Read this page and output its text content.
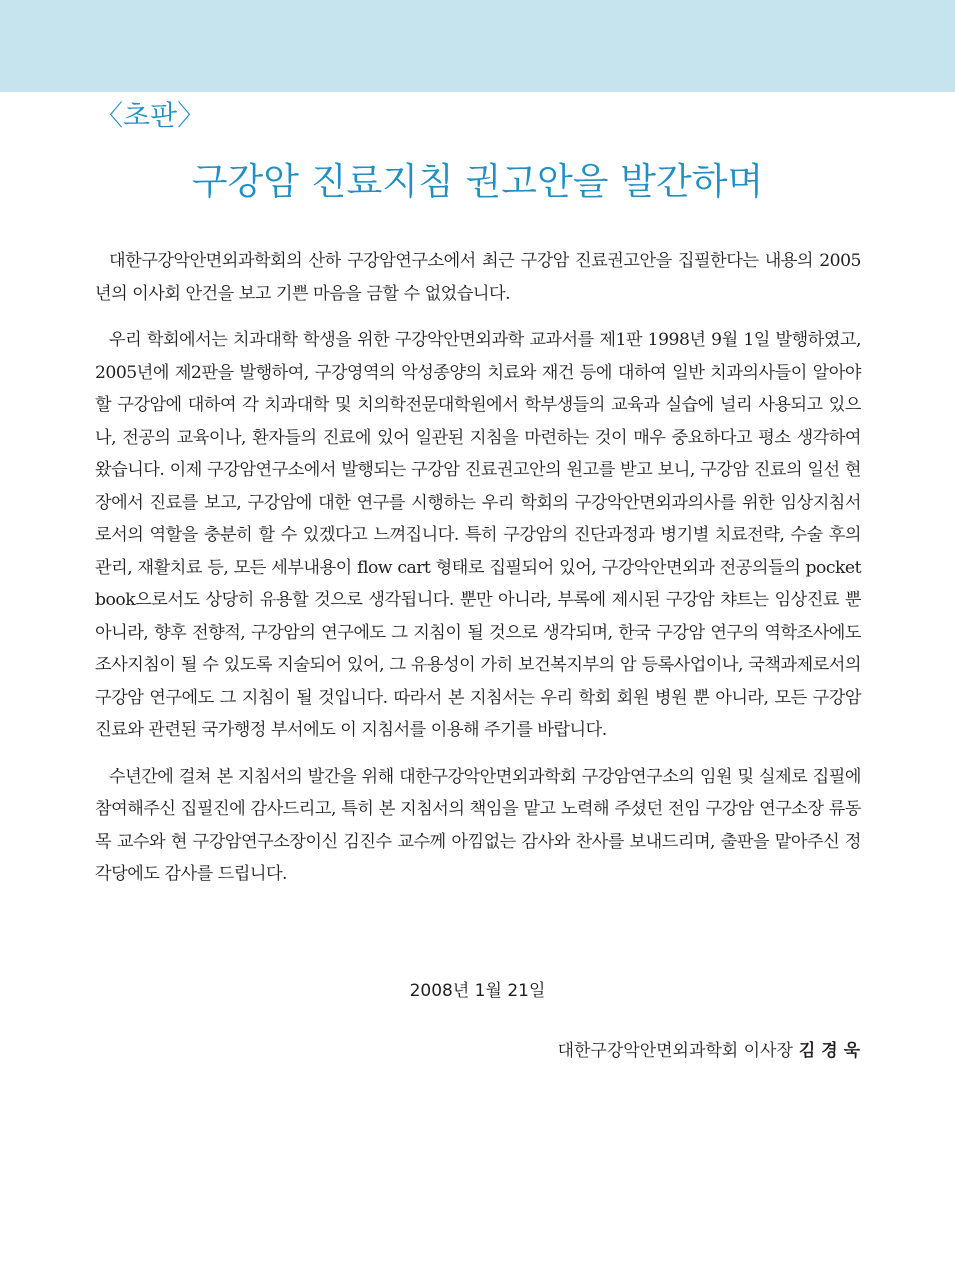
〈초판〉
구강암 진료지침 권고안을 발간하며

대한구강악안면외과학회의 산하 구강암연구소에서 최근 구강암 진료권고안을 집필한다는 내용의 2005년의 이사회 안건을 보고 기쁜 마음을 금할 수 없었습니다.

우리 학회에서는 치과대학 학생을 위한 구강악안면외과학 교과서를 제1판 1998년 9월 1일 발행하였고, 2005년에 제2판을 발행하여, 구강영역의 악성종양의 치료와 재건 등에 대하여 일반 치과의사들이 알아야 할 구강암에 대하여 각 치과대학 및 치의학전문대학원에서 학부생들의 교육과 실습에 널리 사용되고 있으나, 전공의 교육이나, 환자들의 진료에 있어 일관된 지침을 마련하는 것이 매우 중요하다고 평소 생각하여 왔습니다. 이제 구강암연구소에서 발행되는 구강암 진료권고안의 원고를 받고 보니, 구강암 진료의 일선 현장에서 진료를 보고, 구강암에 대한 연구를 시행하는 우리 학회의 구강악안면외과의사를 위한 임상지침서로서의 역할을 충분히 할 수 있겠다고 느껴집니다. 특히 구강암의 진단과정과 병기별 치료전략, 수술 후의 관리, 재활치료 등, 모든 세부내용이 flow cart 형태로 집필되어 있어, 구강악안면외과 전공의들의 pocket book으로서도 상당히 유용할 것으로 생각됩니다. 뿐만 아니라, 부록에 제시된 구강암 챠트는 임상진료 뿐 아니라, 향후 전향적, 구강암의 연구에도 그 지침이 될 것으로 생각되며, 한국 구강암 연구의 역학조사에도 조사지침이 될 수 있도록 지술되어 있어, 그 유용성이 가히 보건복지부의 암 등록사업이나, 국책과제로서의 구강암 연구에도 그 지침이 될 것입니다. 따라서 본 지침서는 우리 학회 회원 병원 뿐 아니라, 모든 구강암 진료와 관련된 국가행정 부서에도 이 지침서를 이용해 주기를 바랍니다.

수년간에 걸쳐 본 지침서의 발간을 위해 대한구강악안면외과학회 구강암연구소의 임원 및 실제로 집필에 참여해주신 집필진에 감사드리고, 특히 본 지침서의 책임을 맡고 노력해 주셨던 전임 구강암 연구소장 류동목 교수와 현 구강암연구소장이신 김진수 교수께 아낌없는 감사와 찬사를 보내드리며, 출판을 맡아주신 정각당에도 감사를 드립니다.

2008년 1월 21일
대한구강악안면외과학회 이사장 김 경 욱
